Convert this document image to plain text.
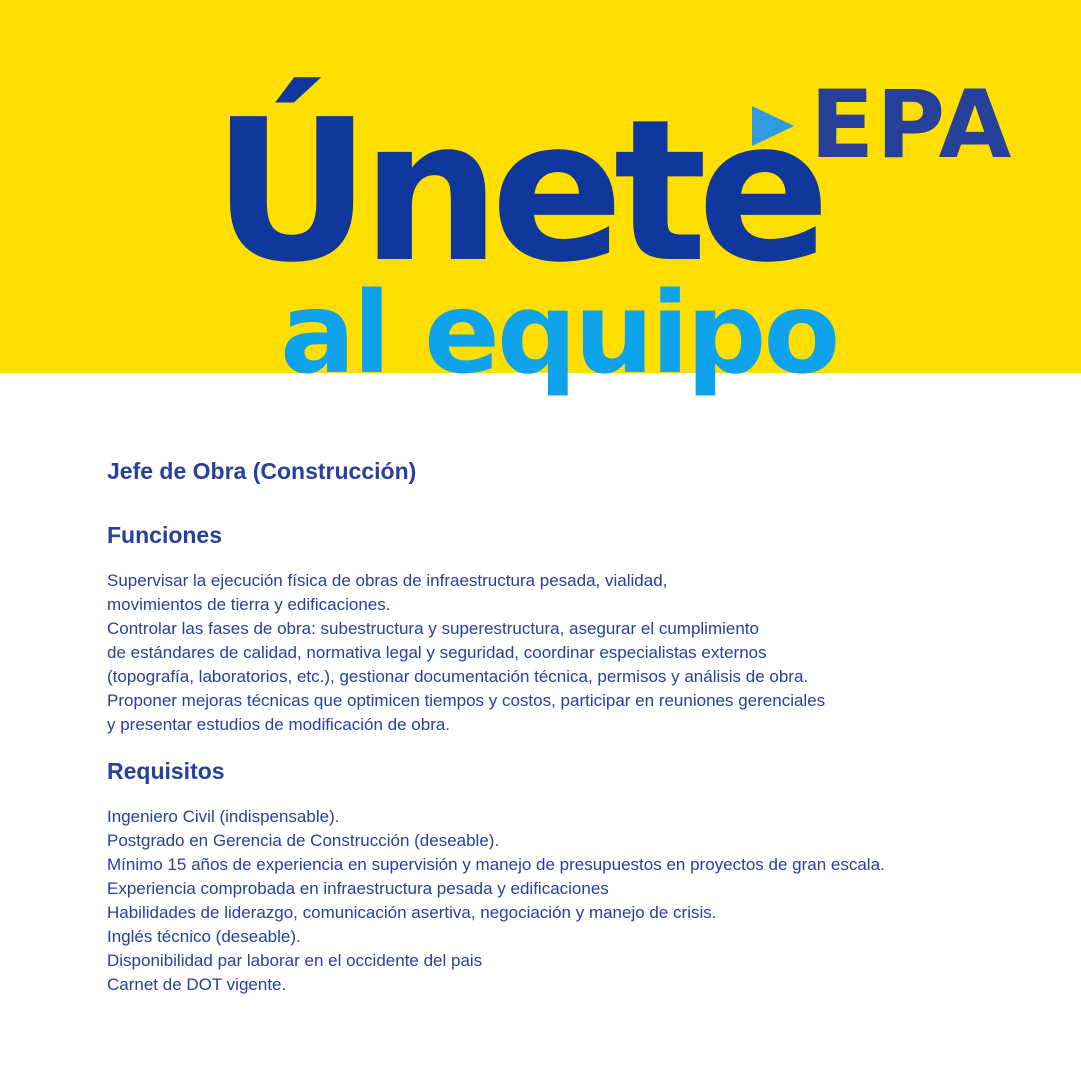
EPA
Únete
al equipo
Jefe de Obra (Construcción)
Funciones
Supervisar la ejecución física de obras de infraestructura pesada, vialidad,
movimientos de tierra y edificaciones.
Controlar las fases de obra: subestructura y superestructura, asegurar el cumplimiento
de estándares de calidad, normativa legal y seguridad, coordinar especialistas externos
(topografía, laboratorios, etc.), gestionar documentación técnica, permisos y análisis de obra.
Proponer mejoras técnicas que optimicen tiempos y costos, participar en reuniones gerenciales
y presentar estudios de modificación de obra.
Requisitos
Ingeniero Civil (indispensable).
Postgrado en Gerencia de Construcción (deseable).
Mínimo 15 años de experiencia en supervisión y manejo de presupuestos en proyectos de gran escala.
Experiencia comprobada en infraestructura pesada y edificaciones
Habilidades de liderazgo, comunicación asertiva, negociación y manejo de crisis.
Inglés técnico (deseable).
Disponibilidad par laborar en el occidente del pais
Carnet de DOT vigente.
